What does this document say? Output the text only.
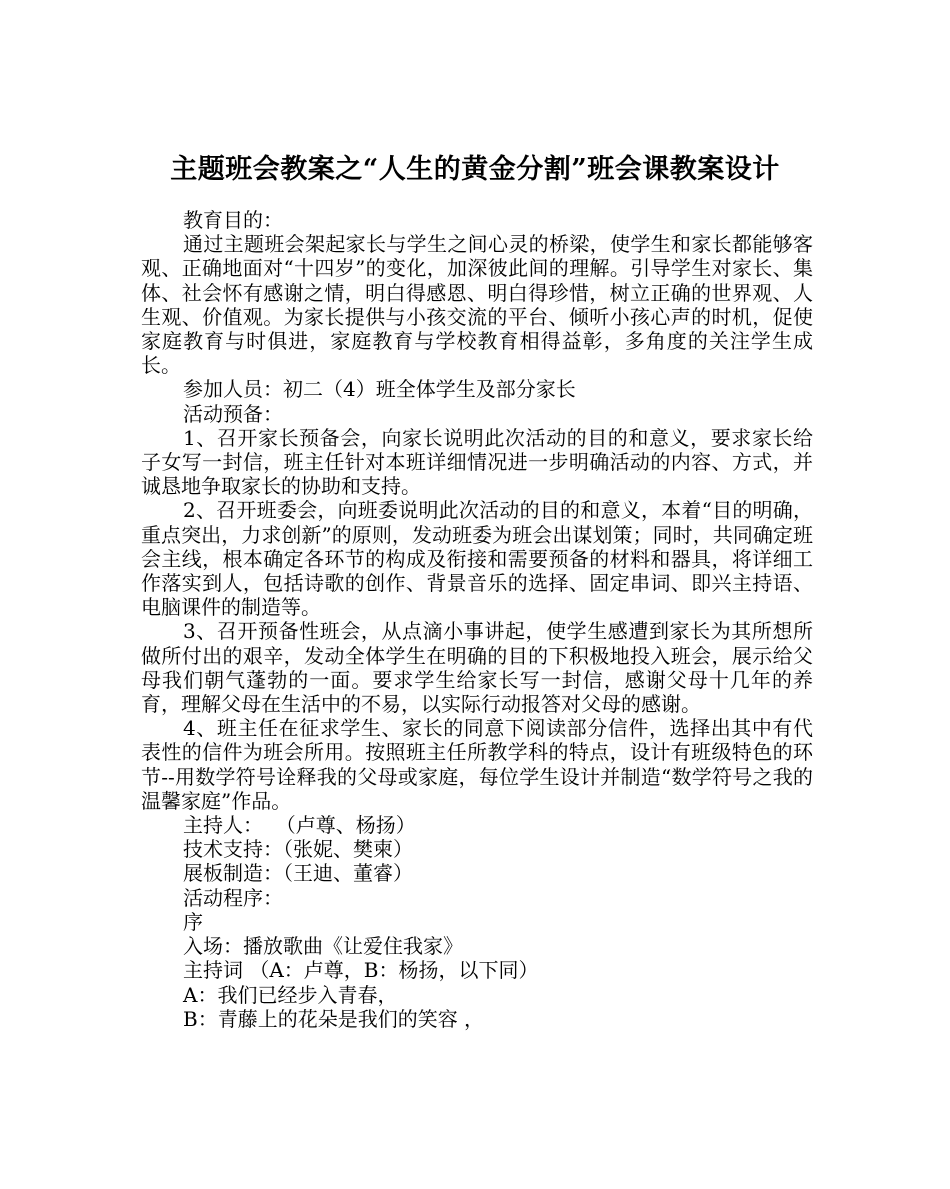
主题班会教案之“人生的黄金分割”班会课教案设计

教育目的：

通过主题班会架起家长与学生之间心灵的桥梁，使学生和家长都能够客观、正确地面对“十四岁”的变化，加深彼此间的理解。引导学生对家长、集体、社会怀有感谢之情，明白得感恩、明白得珍惜，树立正确的世界观、人生观、价值观。为家长提供与小孩交流的平台、倾听小孩心声的时机，促使家庭教育与时俱进，家庭教育与学校教育相得益彰，多角度的关注学生成长。

参加人员：初二（4）班全体学生及部分家长

活动预备：

1、召开家长预备会，向家长说明此次活动的目的和意义，要求家长给子女写一封信，班主任针对本班详细情况进一步明确活动的内容、方式，并诚恳地争取家长的协助和支持。

2、召开班委会，向班委说明此次活动的目的和意义，本着“目的明确，重点突出，力求创新”的原则，发动班委为班会出谋划策；同时，共同确定班会主线，根本确定各环节的构成及衔接和需要预备的材料和器具，将详细工作落实到人，包括诗歌的创作、背景音乐的选择、固定串词、即兴主持语、电脑课件的制造等。

3、召开预备性班会，从点滴小事讲起，使学生感遭到家长为其所想所做所付出的艰辛，发动全体学生在明确的目的下积极地投入班会，展示给父母我们朝气蓬勃的一面。要求学生给家长写一封信，感谢父母十几年的养育，理解父母在生活中的不易，以实际行动报答对父母的感谢。

4、班主任在征求学生、家长的同意下阅读部分信件，选择出其中有代表性的信件为班会所用。按照班主任所教学科的特点，设计有班级特色的环节--用数学符号诠释我的父母或家庭，每位学生设计并制造“数学符号之我的温馨家庭”作品。

主持人：  （卢尊、杨扬）

技术支持：（张妮、樊柬）

展板制造：（王迪、董睿）

活动程序：

序

入场：播放歌曲《让爱住我家》

主持词 （A：卢尊，B：杨扬，以下同）

A：我们已经步入青春，

B：青藤上的花朵是我们的笑容 ，
